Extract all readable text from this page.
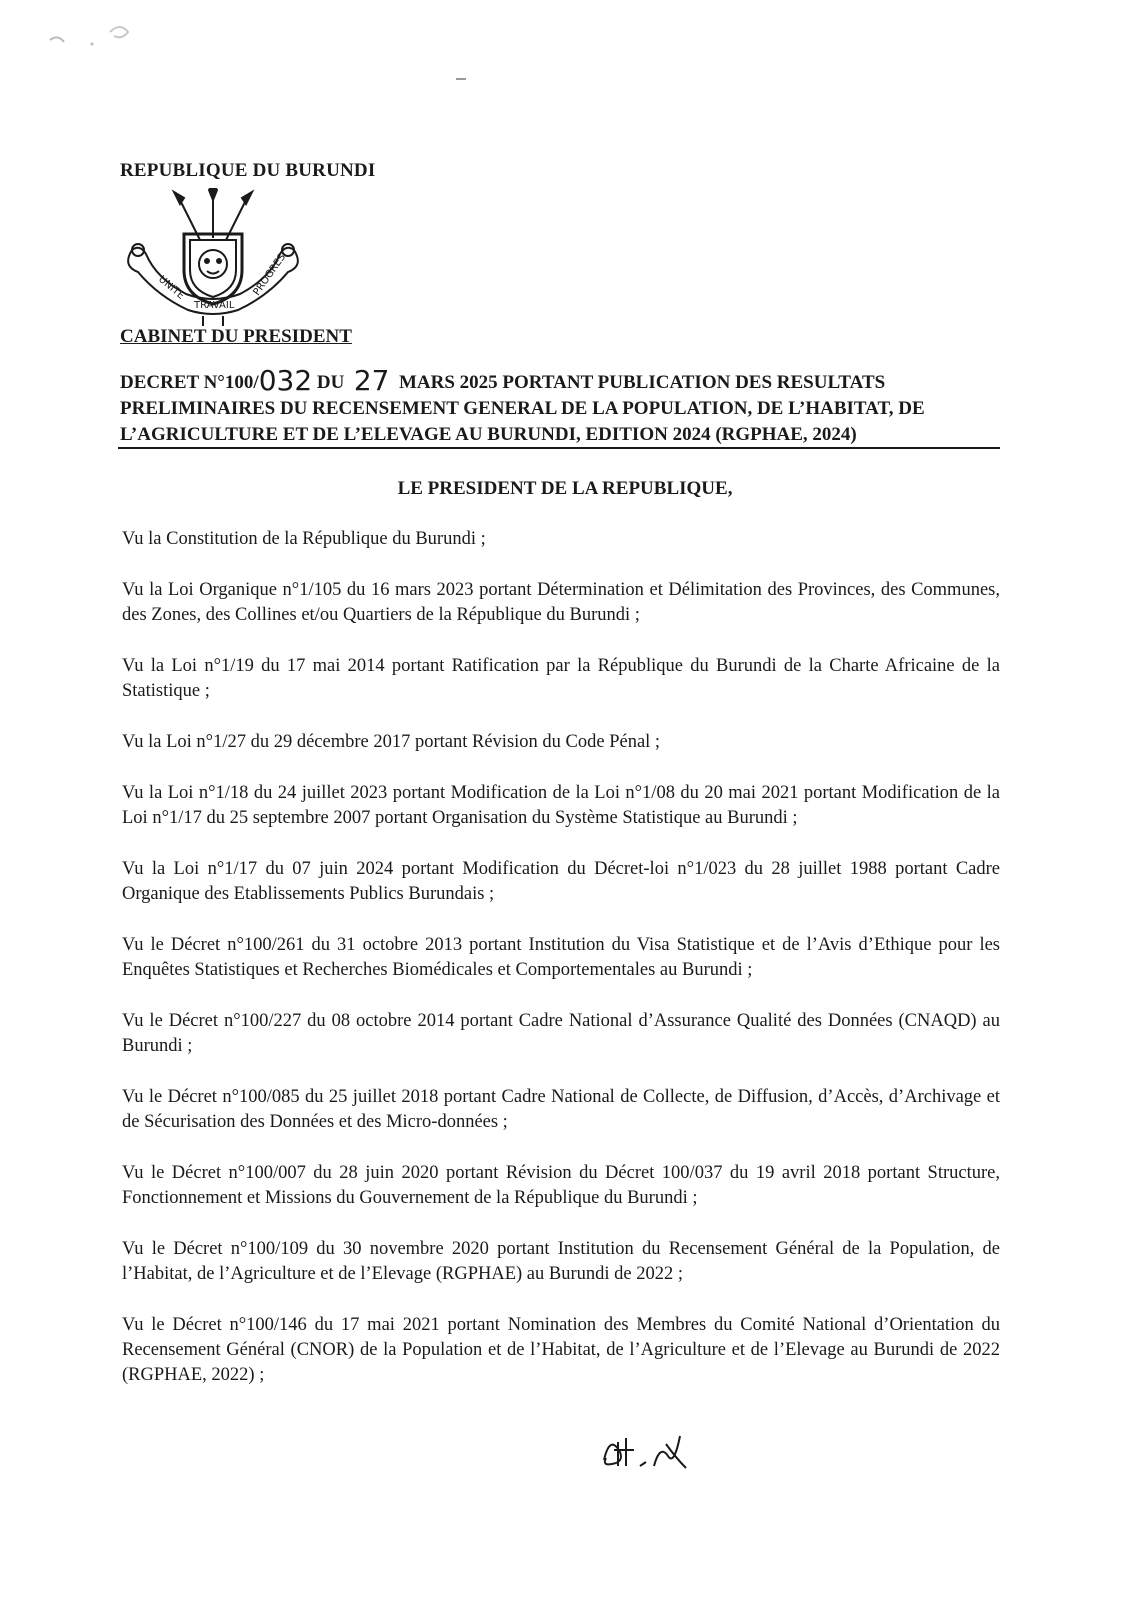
REPUBLIQUE DU BURUNDI
UNITE
TRAVAIL
PROGRES
CABINET DU PRESIDENT
DECRET N°100/032 DU 27 MARS 2025 PORTANT PUBLICATION DES RESULTATS PRELIMINAIRES DU RECENSEMENT GENERAL DE LA POPULATION, DE L’HABITAT, DE L’AGRICULTURE ET DE L’ELEVAGE AU BURUNDI, EDITION 2024 (RGPHAE, 2024)
LE PRESIDENT DE LA REPUBLIQUE,

Vu la Constitution de la République du Burundi ;

Vu la Loi Organique n°1/105 du 16 mars 2023 portant Détermination et Délimitation des Provinces, des Communes, des Zones, des Collines et/ou Quartiers de la République du Burundi ;

Vu la Loi n°1/19 du 17 mai 2014 portant Ratification par la République du Burundi de la Charte Africaine de la Statistique ;

Vu la Loi n°1/27 du 29 décembre 2017 portant Révision du Code Pénal ;

Vu la Loi n°1/18 du 24 juillet 2023 portant Modification de la Loi n°1/08 du 20 mai 2021 portant Modification de la Loi n°1/17 du 25 septembre 2007 portant Organisation du Système Statistique au Burundi ;

Vu la Loi n°1/17 du 07 juin 2024 portant Modification du Décret-loi n°1/023 du 28 juillet 1988 portant Cadre Organique des Etablissements Publics Burundais ;

Vu le Décret n°100/261 du 31 octobre 2013 portant Institution du Visa Statistique et de l’Avis d’Ethique pour les Enquêtes Statistiques et Recherches Biomédicales et Comportementales au Burundi ;

Vu le Décret n°100/227 du 08 octobre 2014 portant Cadre National d’Assurance Qualité des Données (CNAQD) au Burundi ;

Vu le Décret n°100/085 du 25 juillet 2018 portant Cadre National de Collecte, de Diffusion, d’Accès, d’Archivage et de Sécurisation des Données et des Micro-données ;

Vu le Décret n°100/007 du 28 juin 2020 portant Révision du Décret 100/037 du 19 avril 2018 portant Structure, Fonctionnement et Missions du Gouvernement de la République du Burundi ;

Vu le Décret n°100/109 du 30 novembre 2020 portant Institution du Recensement Général de la Population, de l’Habitat, de l’Agriculture et de l’Elevage (RGPHAE) au Burundi de 2022 ;

Vu le Décret n°100/146 du 17 mai 2021 portant Nomination des Membres du Comité National d’Orientation du Recensement Général (CNOR) de la Population et de l’Habitat, de l’Agriculture et de l’Elevage au Burundi de 2022 (RGPHAE, 2022) ;
